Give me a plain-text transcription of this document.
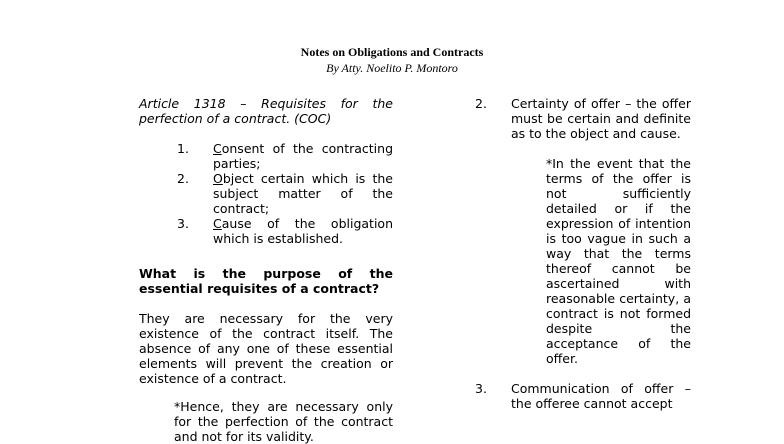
Notes on Obligations and Contracts
By Atty. Noelito P. Montoro

Article 1318 – Requisites for the perfection of a contract. (COC)

1. Consent of the contracting parties;

2. Object certain which is the subject matter of the contract;

3. Cause of the obligation which is established.

What is the purpose of the essential requisites of a contract?

They are necessary for the very existence of the contract itself. The absence of any one of these essential elements will prevent the creation or existence of a contract.

*Hence, they are necessary only for the perfection of the contract and not for its validity.

2. Certainty of offer – the offer must be certain and definite as to the object and cause.

*In the event that the terms of the offer is not sufficiently detailed or if the expression of intention is too vague in such a way that the terms thereof cannot be ascertained with reasonable certainty, a contract is not formed despite the acceptance of the offer.

3. Communication of offer – the offeree cannot accept
